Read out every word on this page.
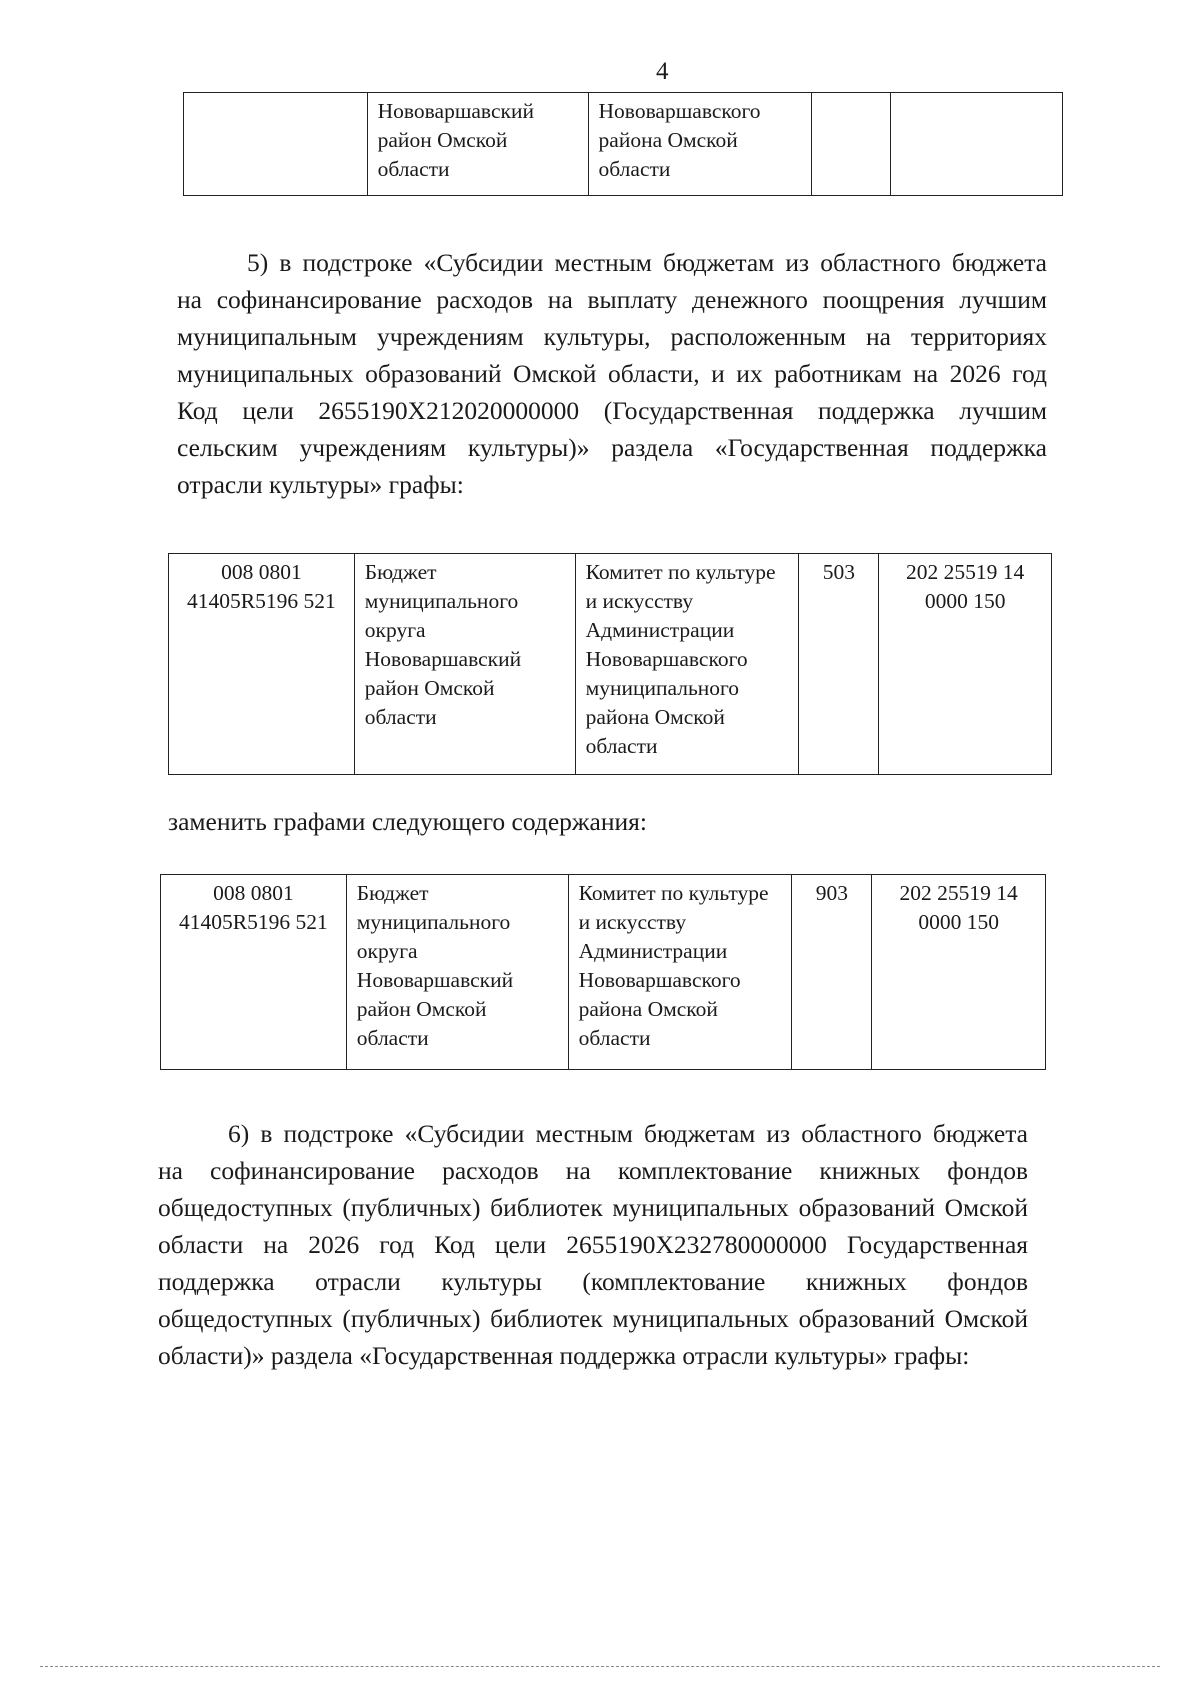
4
	Нововаршавский
район Омской
области	Нововаршавского
района Омской
области		
5) в подстроке «Субсидии местным бюджетам из областного бюджета
на софинансирование расходов на выплату денежного поощрения лучшим
муниципальным учреждениям культуры, расположенным на территориях
муниципальных образований Омской области, и их работникам на 2026 год
Код цели 2655190X212020000000 (Государственная поддержка лучшим
сельским учреждениям культуры)» раздела «Государственная поддержка
отрасли культуры» графы:
008 0801
41405R5196 521	Бюджет
муниципального
округа
Нововаршавский
район Омской
области	Комитет по культуре
и искусству
Администрации
Нововаршавского
муниципального
района Омской
области	503	202 25519 14
0000 150
заменить графами следующего содержания:
008 0801
41405R5196 521	Бюджет
муниципального
округа
Нововаршавский
район Омской
области	Комитет по культуре
и искусству
Администрации
Нововаршавского
района Омской
области	903	202 25519 14
0000 150
6) в подстроке «Субсидии местным бюджетам из областного бюджета
на софинансирование расходов на комплектование книжных фондов
общедоступных (публичных) библиотек муниципальных образований Омской
области на 2026 год Код цели 2655190X232780000000 Государственная
поддержка отрасли культуры (комплектование книжных фондов
общедоступных (публичных) библиотек муниципальных образований Омской
области)» раздела «Государственная поддержка отрасли культуры» графы:
